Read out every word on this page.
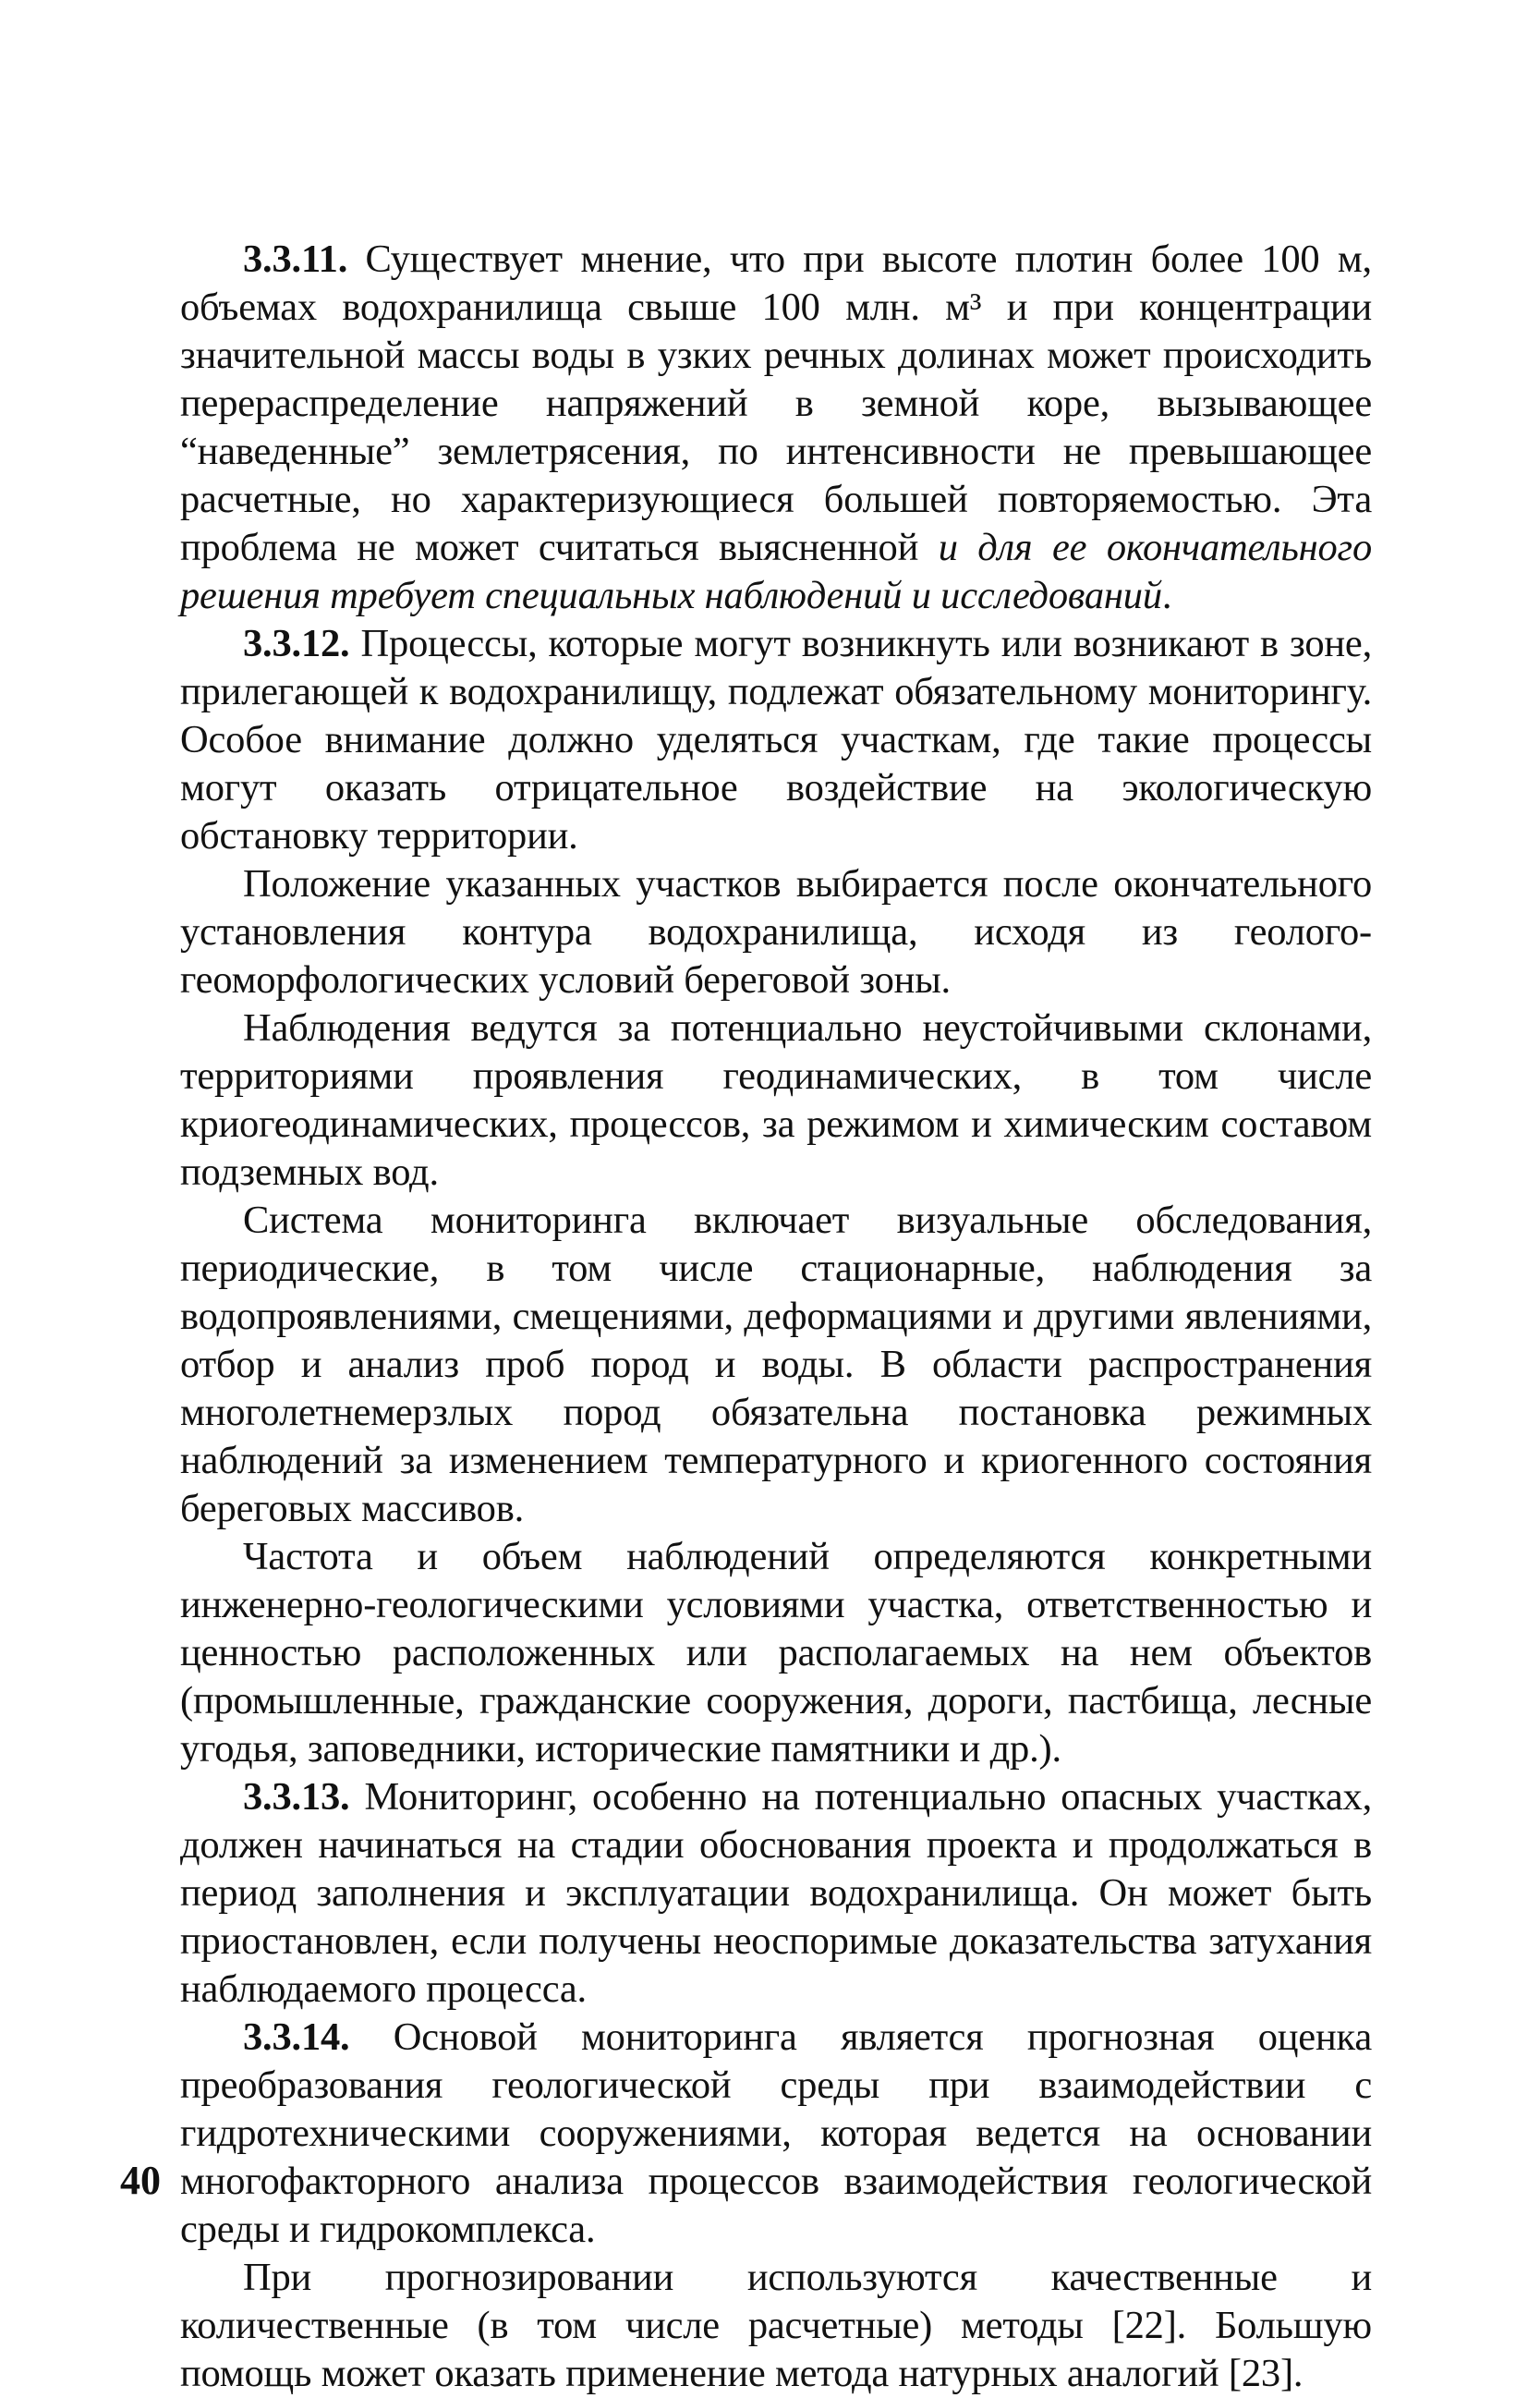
3.3.11. Существует мнение, что при высоте плотин более 100 м, объемах водохранилища свыше 100 млн. м³ и при концентрации значительной массы воды в узких речных долинах может происходить перераспределение напряжений в земной коре, вызывающее “наведенные” землетрясения, по интенсивности не превышающее расчетные, но характеризующиеся большей повторяемостью. Эта проблема не может считаться выясненной и для ее окончательного решения требует специальных наблюдений и исследований.

3.3.12. Процессы, которые могут возникнуть или возникают в зоне, прилегающей к водохранилищу, подлежат обязательному мониторингу. Особое внимание должно уделяться участкам, где такие процессы могут оказать отрицательное воздействие на экологическую обстановку территории.

Положение указанных участков выбирается после окончательного установления контура водохранилища, исходя из геолого-геоморфологических условий береговой зоны.

Наблюдения ведутся за потенциально неустойчивыми склонами, территориями проявления геодинамических, в том числе криогеодинамических, процессов, за режимом и химическим составом подземных вод.

Система мониторинга включает визуальные обследования, периодические, в том числе стационарные, наблюдения за водопроявлениями, смещениями, деформациями и другими явлениями, отбор и анализ проб пород и воды. В области распространения многолетнемерзлых пород обязательна постановка режимных наблюдений за изменением температурного и криогенного состояния береговых массивов.

Частота и объем наблюдений определяются конкретными инженерно-геологическими условиями участка, ответственностью и ценностью расположенных или располагаемых на нем объектов (промышленные, гражданские сооружения, дороги, пастбища, лесные угодья, заповедники, исторические памятники и др.).

3.3.13. Мониторинг, особенно на потенциально опасных участках, должен начинаться на стадии обоснования проекта и продолжаться в период заполнения и эксплуатации водохранилища. Он может быть приостановлен, если получены неоспоримые доказательства затухания наблюдаемого процесса.

3.3.14. Основой мониторинга является прогнозная оценка преобразования геологической среды при взаимодействии с гидротехническими сооружениями, которая ведется на основании многофакторного анализа процессов взаимодействия геологической среды и гидрокомплекса.

При прогнозировании используются качественные и количественные (в том числе расчетные) методы [22]. Большую помощь может оказать применение метода натурных аналогий [23].

40
